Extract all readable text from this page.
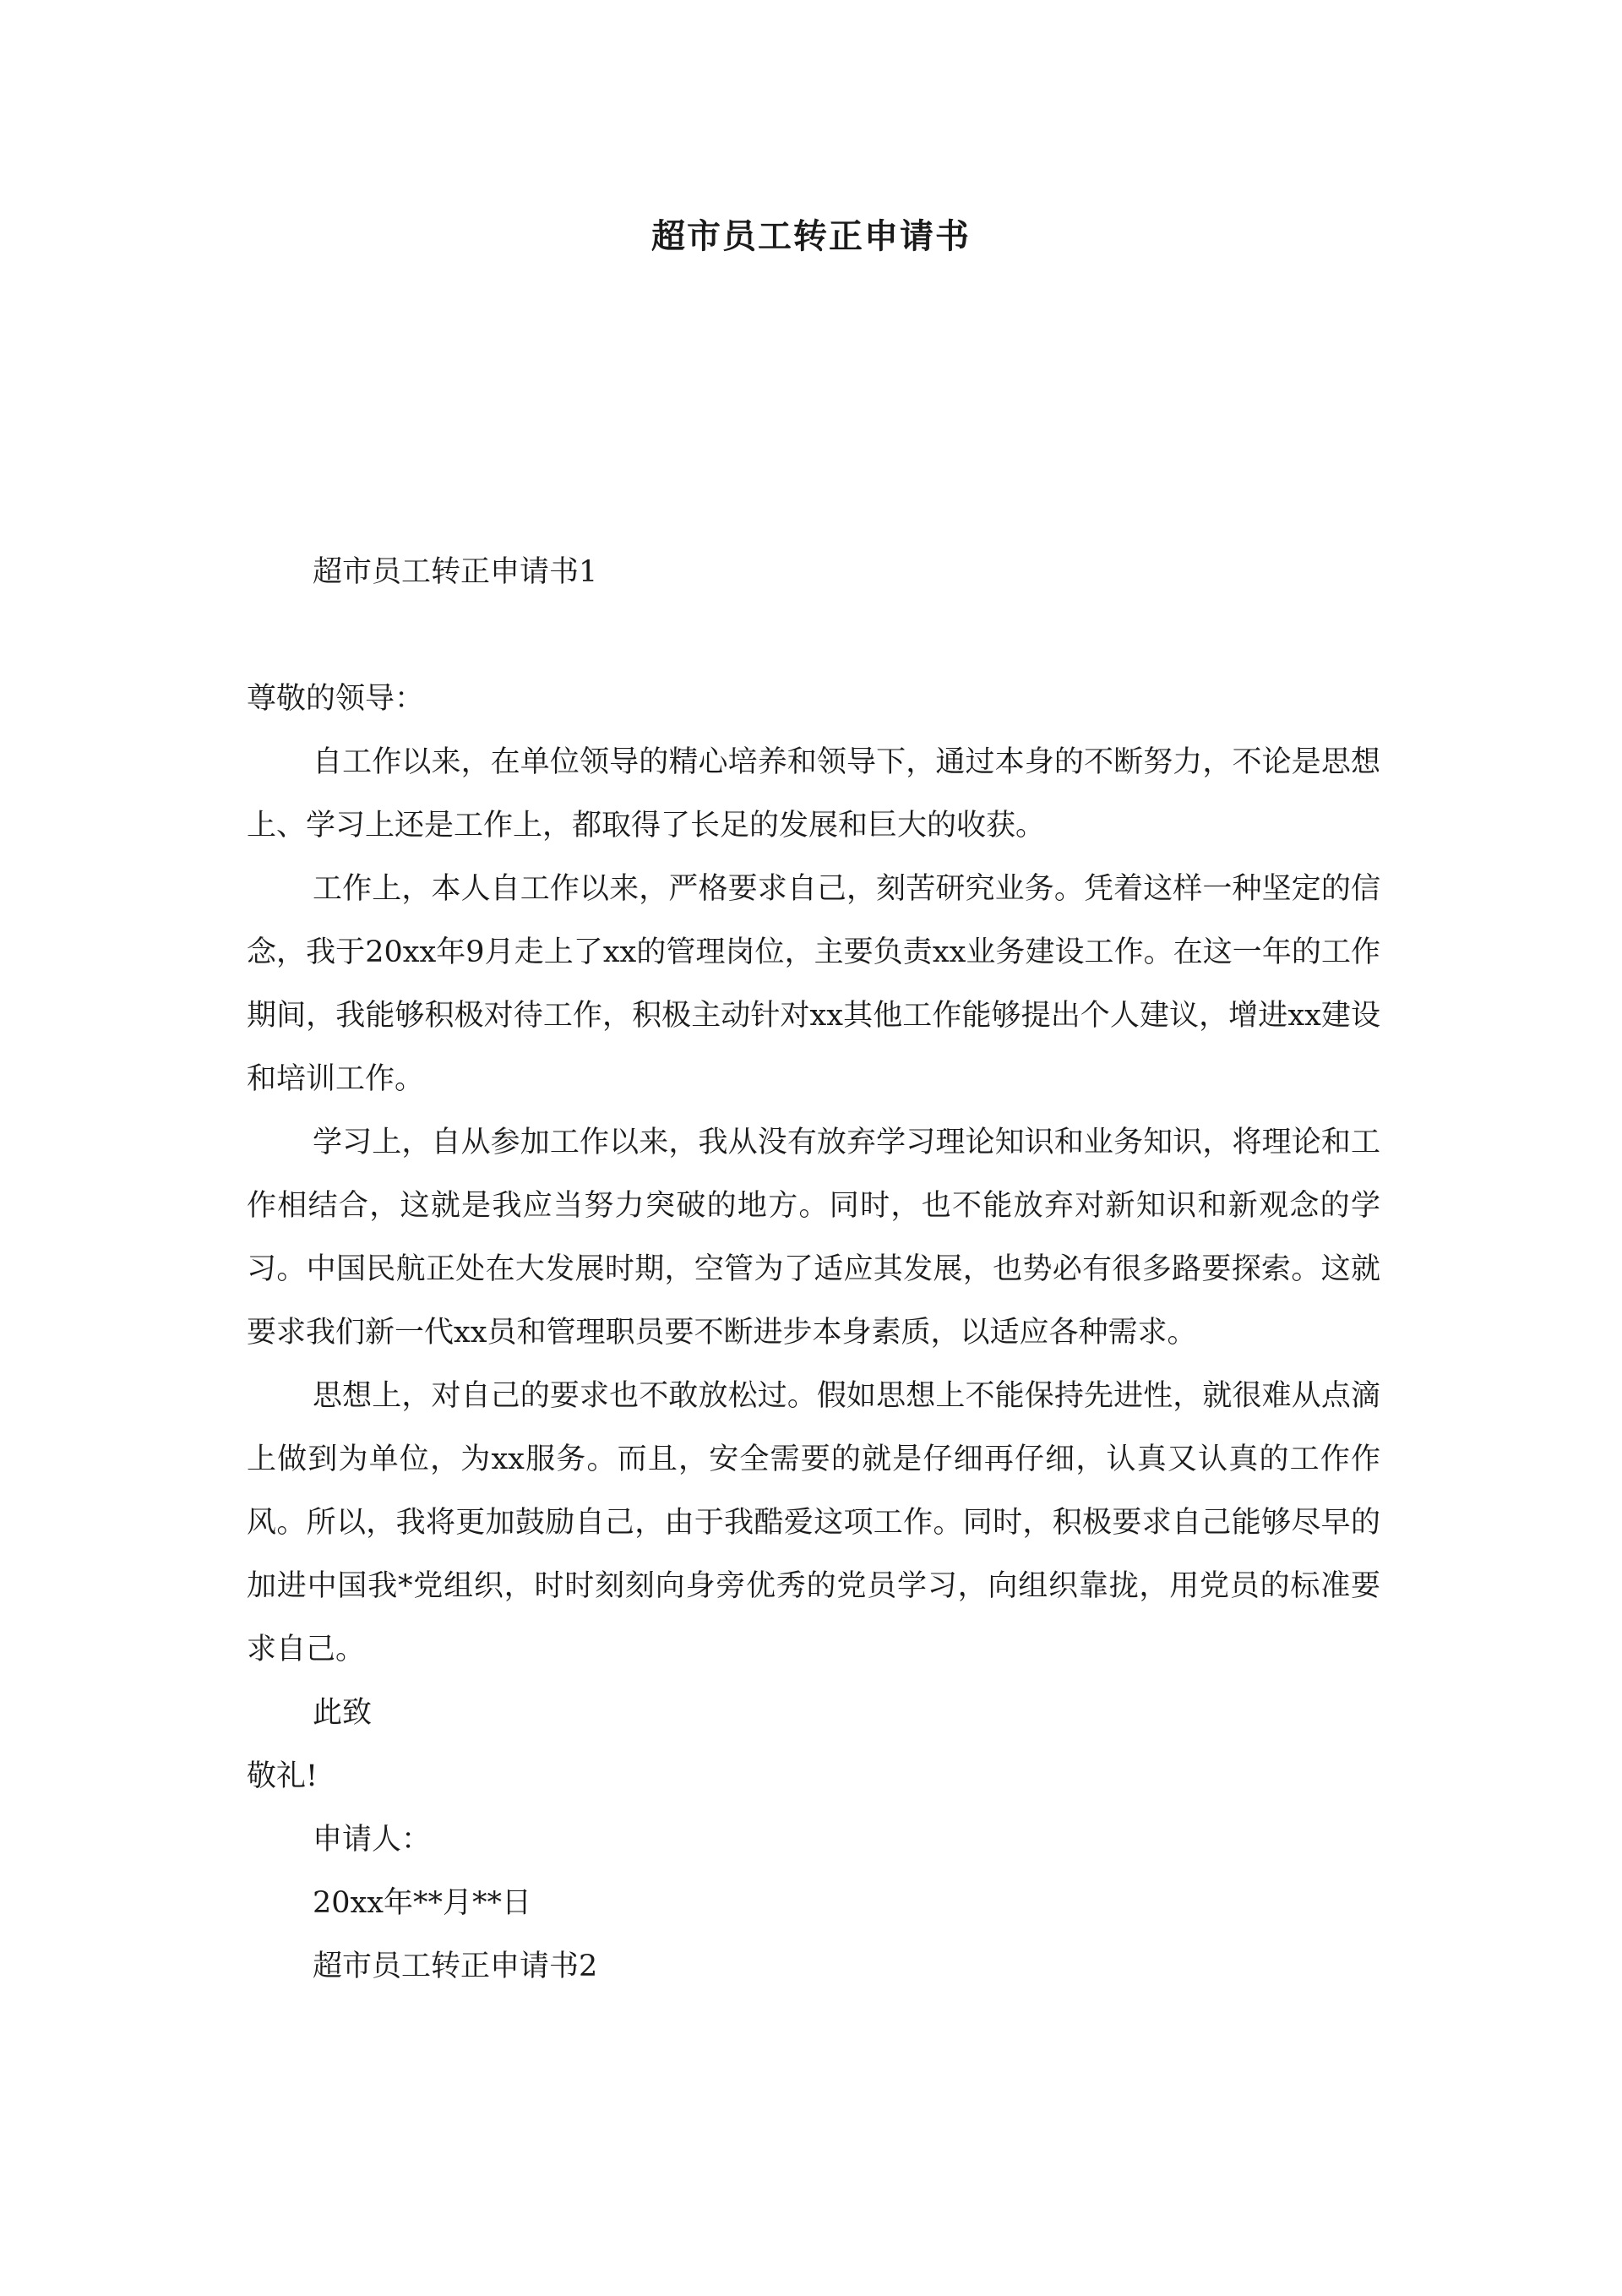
超市员工转正申请书

超市员工转正申请书1

尊敬的领导：

自工作以来，在单位领导的精心培养和领导下，通过本身的不断努力，不论是思想上、学习上还是工作上，都取得了长足的发展和巨大的收获。

工作上，本人自工作以来，严格要求自己，刻苦研究业务。凭着这样一种坚定的信念，我于20xx年9月走上了xx的管理岗位，主要负责xx业务建设工作。在这一年的工作期间，我能够积极对待工作，积极主动针对xx其他工作能够提出个人建议，增进xx建设和培训工作。

学习上，自从参加工作以来，我从没有放弃学习理论知识和业务知识，将理论和工作相结合，这就是我应当努力突破的地方。同时，也不能放弃对新知识和新观念的学习。中国民航正处在大发展时期，空管为了适应其发展，也势必有很多路要探索。这就要求我们新一代xx员和管理职员要不断进步本身素质，以适应各种需求。

思想上，对自己的要求也不敢放松过。假如思想上不能保持先进性，就很难从点滴上做到为单位，为xx服务。而且，安全需要的就是仔细再仔细，认真又认真的工作作风。所以，我将更加鼓励自己，由于我酷爱这项工作。同时，积极要求自己能够尽早的加进中国我*党组织，时时刻刻向身旁优秀的党员学习，向组织靠拢，用党员的标准要求自己。

此致

敬礼!

申请人：

20xx年**月**日

超市员工转正申请书2
